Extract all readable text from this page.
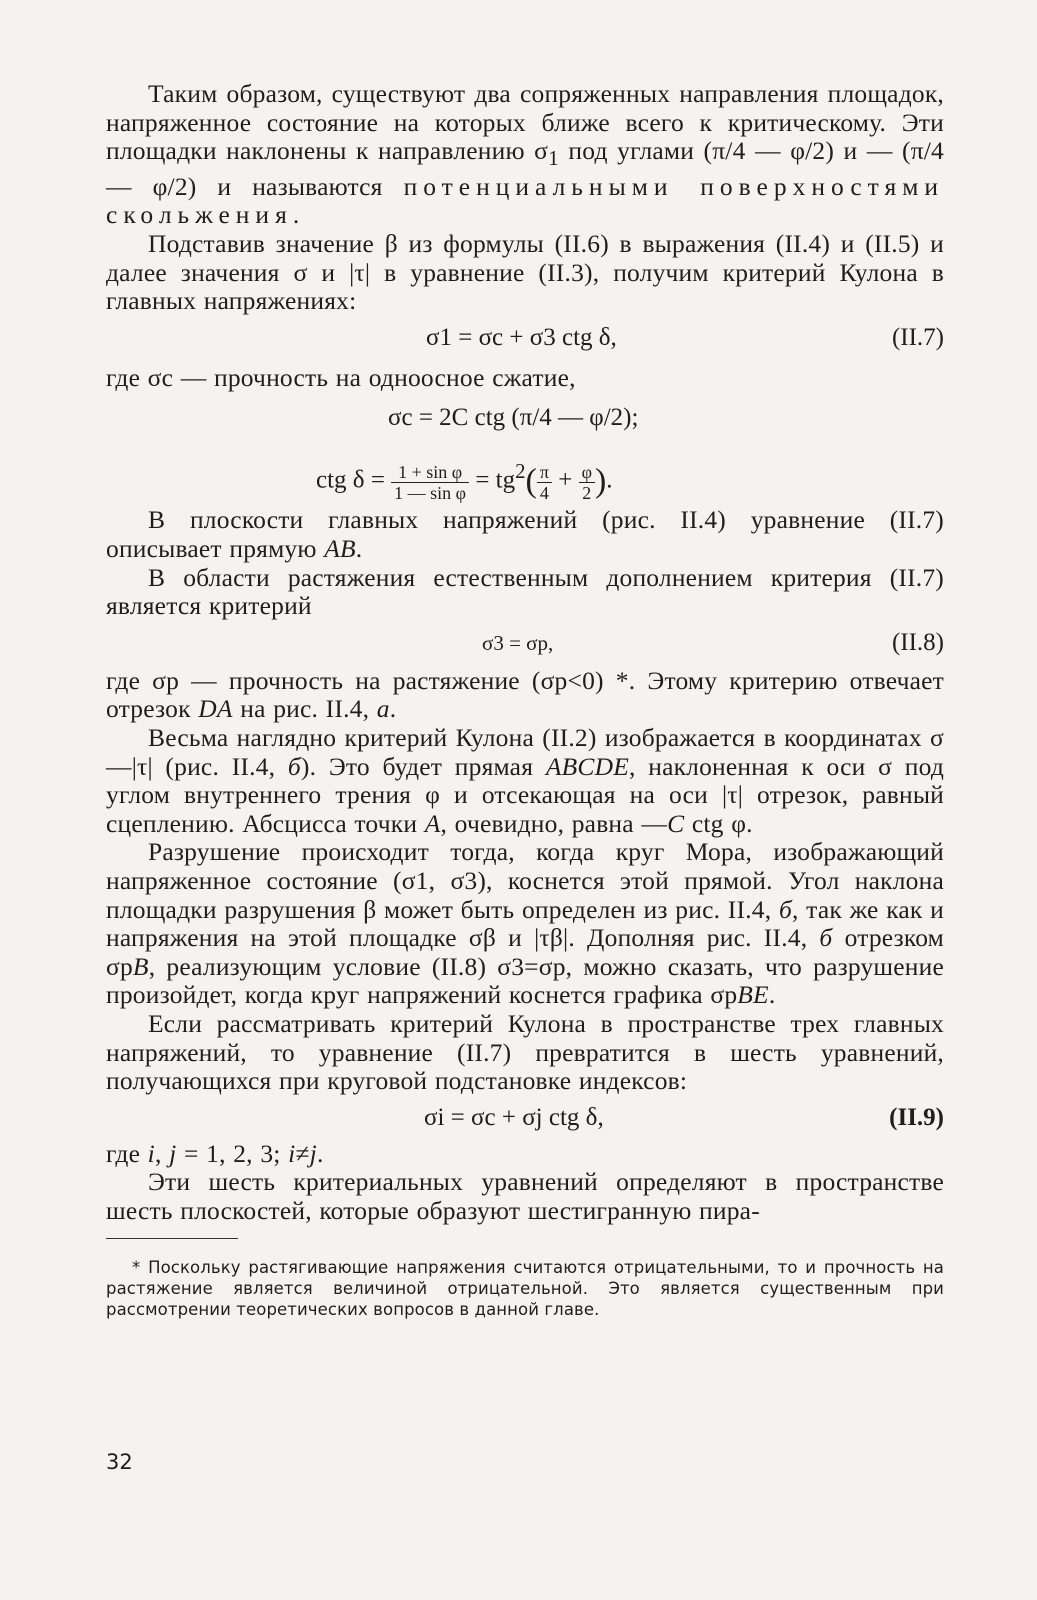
Таким образом, существуют два сопряженных направления площадок, напряженное состояние на которых ближе всего к критическому. Эти площадки наклонены к направлению $\sigma_1$ под углами (π/4 — φ/2) и — (π/4 — φ/2) и называются потенциальными поверхностями скольжения.

Подставив значение β из формулы (II.6) в выражения (II.4) и (II.5) и далее значения σ и |τ| в уравнение (II.3), получим критерий Кулона в главных напряжениях:

σ1 = σc + σ3 ctg δ,	(II.7)

где σc — прочность на одноосное сжатие,

σc = 2C ctg (π/4 — φ/2);
ctg $\delta = \frac{\text{1 + sin φ}}{\text{1 — sin φ}} = tg^2( \frac{\pi}{4} + \frac{\varphi}{2}$ ).

В плоскости главных напряжений (рис. II.4) уравнение (II.7) описывает прямую AB.

В области растяжения естественным дополнением критерия (II.7) является критерий

σ3 = σp,	(II.8)

где σp — прочность на растяжение (σp<0) *. Этому критерию отвечает отрезок DA на рис. II.4, а.

Весьма наглядно критерий Кулона (II.2) изображается в координатах σ—|τ| (рис. II.4, б). Это будет прямая ABCDE, наклоненная к оси σ под углом внутреннего трения φ и отсекающая на оси |τ| отрезок, равный сцеплению. Абсцисса точки A, очевидно, равна —C ctg φ.

Разрушение происходит тогда, когда круг Мора, изображающий напряженное состояние (σ1, σ3), коснется этой прямой. Угол наклона площадки разрушения β может быть определен из рис. II.4, б, так же как и напряжения на этой площадке σβ и |τβ|. Дополняя рис. II.4, б отрезком σpB, реализующим условие (II.8) σ3=σp, можно сказать, что разрушение произойдет, когда круг напряжений коснется графика σpBE.

Если рассматривать критерий Кулона в пространстве трех главных напряжений, то уравнение (II.7) превратится в шесть уравнений, получающихся при круговой подстановке индексов:

σi = σc + σj ctg δ,	(II.9)

где i, j = 1, 2, 3; i≠j.

Эти шесть критериальных уравнений определяют в пространстве шесть плоскостей, которые образуют шестигранную пира-

* Поскольку растягивающие напряжения считаются отрицательными, то и прочность на растяжение является величиной отрицательной. Это является существенным при рассмотрении теоретических вопросов в данной главе.

32
